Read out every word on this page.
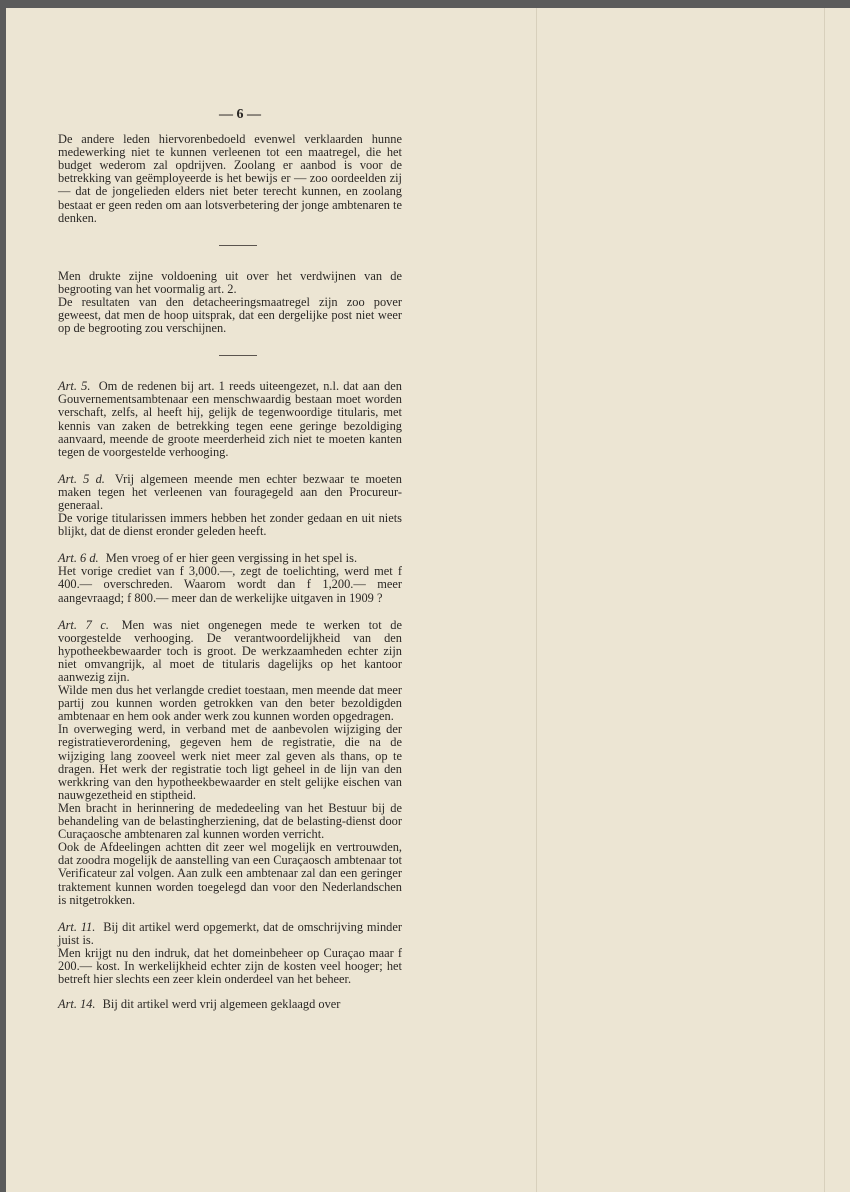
— 6 —

De andere leden hiervorenbedoeld evenwel verklaarden hunne medewerking niet te kunnen verleenen tot een maatregel, die het budget wederom zal opdrijven. Zoolang er aanbod is voor de betrekking van geëmployeerde is het bewijs er — zoo oordeelden zij — dat de jongelieden elders niet beter terecht kunnen, en zoolang bestaat er geen reden om aan lotsverbetering der jonge ambtenaren te denken.

Men drukte zijne voldoening uit over het verdwijnen van de begrooting van het voormalig art. 2.

De resultaten van den detacheeringsmaatregel zijn zoo pover geweest, dat men de hoop uitsprak, dat een dergelijke post niet weer op de begrooting zou verschijnen.

Art. 5. Om de redenen bij art. 1 reeds uiteengezet, n.l. dat aan den Gouvernementsambtenaar een menschwaardig bestaan moet worden verschaft, zelfs, al heeft hij, gelijk de tegenwoordige titularis, met kennis van zaken de betrekking tegen eene geringe bezoldiging aanvaard, meende de groote meerderheid zich niet te moeten kanten tegen de voorgestelde verhooging.

Art. 5 d. Vrij algemeen meende men echter bezwaar te moeten maken tegen het verleenen van fouragegeld aan den Procureur-generaal.

De vorige titularissen immers hebben het zonder gedaan en uit niets blijkt, dat de dienst eronder geleden heeft.

Art. 6 d. Men vroeg of er hier geen vergissing in het spel is.

Het vorige crediet van f 3,000.—, zegt de toelichting, werd met f 400.— overschreden. Waarom wordt dan f 1,200.— meer aangevraagd; f 800.— meer dan de werkelijke uitgaven in 1909 ?

Art. 7 c. Men was niet ongenegen mede te werken tot de voorgestelde verhooging. De verantwoordelijkheid van den hypotheekbewaarder toch is groot. De werkzaamheden echter zijn niet omvangrijk, al moet de titularis dagelijks op het kantoor aanwezig zijn.

Wilde men dus het verlangde crediet toestaan, men meende dat meer partij zou kunnen worden getrokken van den beter bezoldigden ambtenaar en hem ook ander werk zou kunnen worden opgedragen.

In overweging werd, in verband met de aanbevolen wijziging der registratieverordening, gegeven hem de registratie, die na de wijziging lang zooveel werk niet meer zal geven als thans, op te dragen. Het werk der registratie toch ligt geheel in de lijn van den werkkring van den hypotheekbewaarder en stelt gelijke eischen van nauwgezetheid en stiptheid.

Men bracht in herinnering de mededeeling van het Bestuur bij de behandeling van de belastingherziening, dat de belasting-dienst door Curaçaosche ambtenaren zal kunnen worden verricht.

Ook de Afdeelingen achtten dit zeer wel mogelijk en vertrouwden, dat zoodra mogelijk de aanstelling van een Curaçaosch ambtenaar tot Verificateur zal volgen. Aan zulk een ambtenaar zal dan een geringer traktement kunnen worden toegelegd dan voor den Nederlandschen is nitgetrokken.

Art. 11. Bij dit artikel werd opgemerkt, dat de omschrijving minder juist is.

Men krijgt nu den indruk, dat het domeinbeheer op Curaçao maar f 200.— kost. In werkelijkheid echter zijn de kosten veel hooger; het betreft hier slechts een zeer klein onderdeel van het beheer.

Art. 14. Bij dit artikel werd vrij algemeen geklaagd over
